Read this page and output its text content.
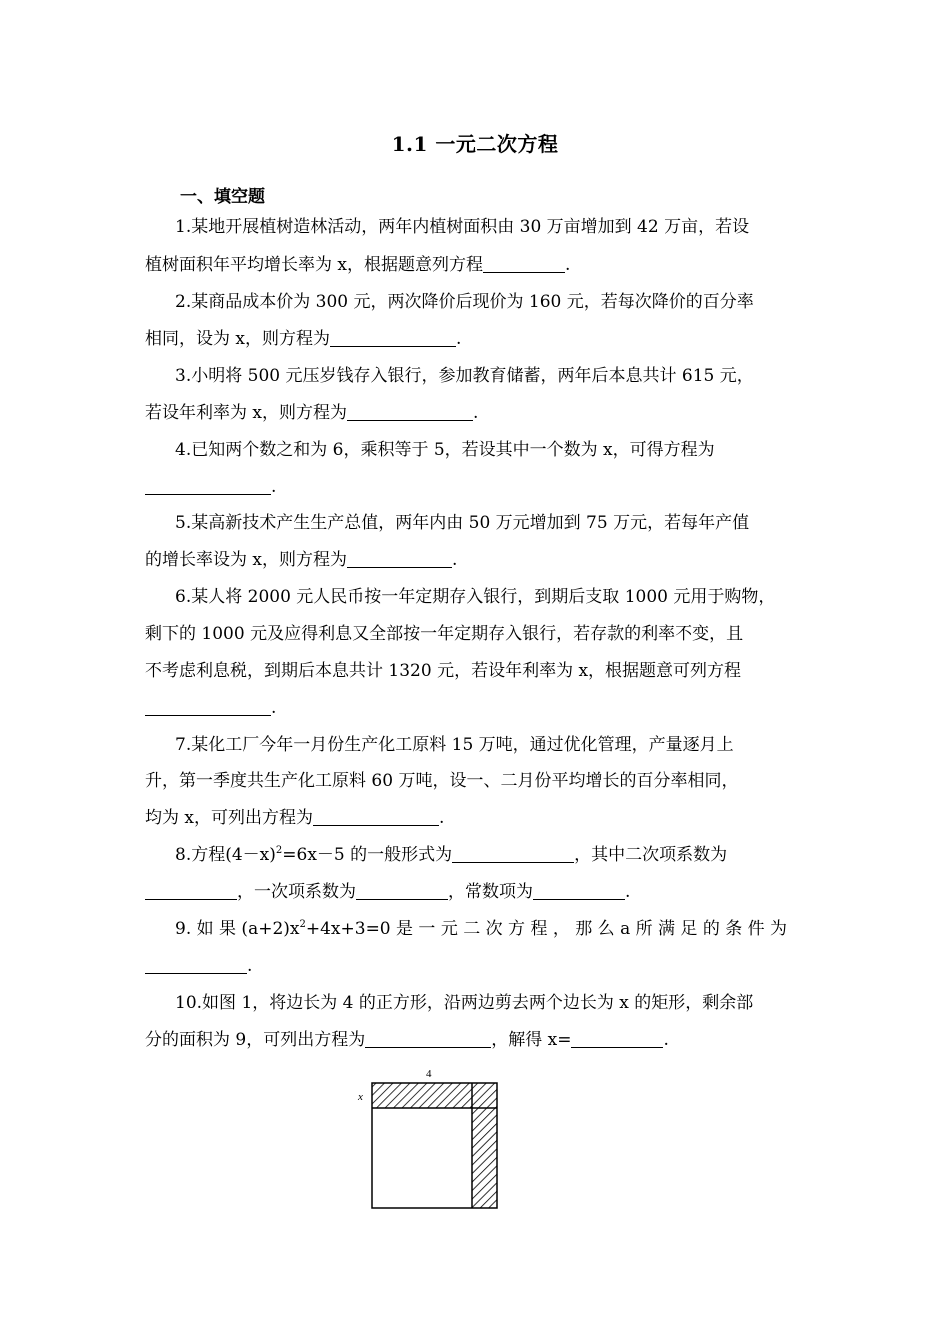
1.1 一元二次方程
一、填空题
1.某地开展植树造林活动，两年内植树面积由 30 万亩增加到 42 万亩，若设
植树面积年平均增长率为 x，根据题意列方程	.
2.某商品成本价为 300 元，两次降价后现价为 160 元，若每次降价的百分率
相同，设为 x，则方程为	.
3.小明将 500 元压岁钱存入银行，参加教育储蓄，两年后本息共计 615 元，
若设年利率为 x，则方程为	.
4.已知两个数之和为 6，乘积等于 5，若设其中一个数为 x，可得方程为
.
5.某高新技术产生生产总值，两年内由 50 万元增加到 75 万元，若每年产值
的增长率设为 x，则方程为	.
6.某人将 2000 元人民币按一年定期存入银行，到期后支取 1000 元用于购物，
剩下的 1000 元及应得利息又全部按一年定期存入银行，若存款的利率不变，且
不考虑利息税，到期后本息共计 1320 元，若设年利率为 x，根据题意可列方程
.
7.某化工厂今年一月份生产化工原料 15 万吨，通过优化管理，产量逐月上
升，第一季度共生产化工原料 60 万吨，设一、二月份平均增长的百分率相同，
均为 x，可列出方程为	.
8.方程$(4-x)^2=6x-5$ 的一般形式为	，其中二次项系数为
，一次项系数为	，常数项为	.
9. 如 果 $(a+2)x^2+4x+3=0$ 是 一 元 二 次 方 程 ， 那 么 a 所 满 足 的 条 件 为
.
10.如图 1，将边长为 4 的正方形，沿两边剪去两个边长为 x 的矩形，剩余部
分的面积为 9，可列出方程为	，解得 x=	.
4
x
